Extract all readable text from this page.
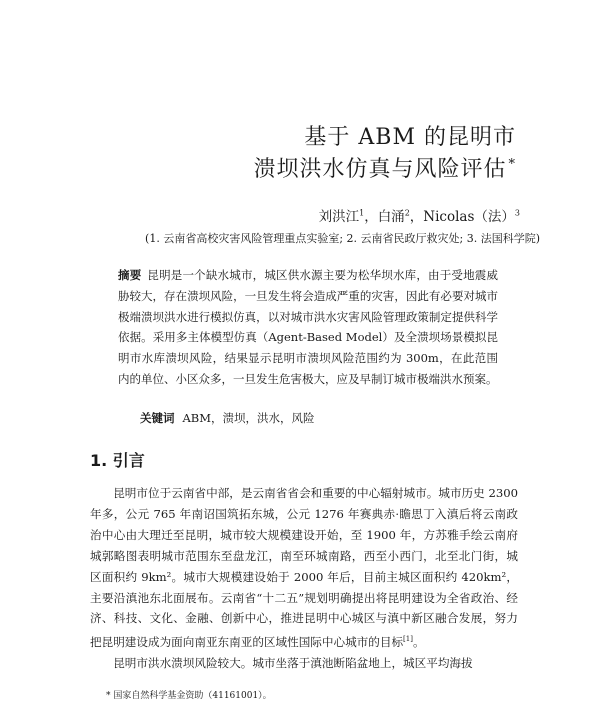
基于 ABM 的昆明市
溃坝洪水仿真与风险评估 *
刘洪江$^1$，白涌$^2$，Nicolas（法）$^3$
(1. 云南省高校灾害风险管理重点实验室; 2. 云南省民政厅救灾处; 3. 法国科学院)
摘要 昆明是一个缺水城市，城区供水源主要为松华坝水库，由于受地震威胁较大，存在溃坝风险，一旦发生将会造成严重的灾害，因此有必要对城市极端溃坝洪水进行模拟仿真，以对城市洪水灾害风险管理政策制定提供科学依据。采用多主体模型仿真（Agent-Based Model）及全溃坝场景模拟昆明市水库溃坝风险，结果显示昆明市溃坝风险范围约为 300m，在此范围内的单位、小区众多，一旦发生危害极大，应及早制订城市极端洪水预案。
关键词 ABM，溃坝，洪水，风险
1. 引言

昆明市位于云南省中部，是云南省省会和重要的中心辐射城市。城市历史 2300 年多，公元 765 年南诏国筑拓东城，公元 1276 年赛典赤·瞻思丁入滇后将云南政治中心由大理迁至昆明，城市较大规模建设开始，至 1900 年，方苏雅手绘云南府城郭略图表明城市范围东至盘龙江，南至环城南路，西至小西门，北至北门街，城区面积约 9km²。城市大规模建设始于 2000 年后，目前主城区面积约 420km²，主要沿滇池东北面展布。云南省“十二五”规划明确提出将昆明建设为全省政治、经济、科技、文化、金融、创新中心，推进昆明中心城区与滇中新区融合发展，努力把昆明建设成为面向南亚东南亚的区域性国际中心城市的目标[1]。

昆明市洪水溃坝风险较大。城市坐落于滇池断陷盆地上，城区平均海拔

* 国家自然科学基金资助（41161001）。
